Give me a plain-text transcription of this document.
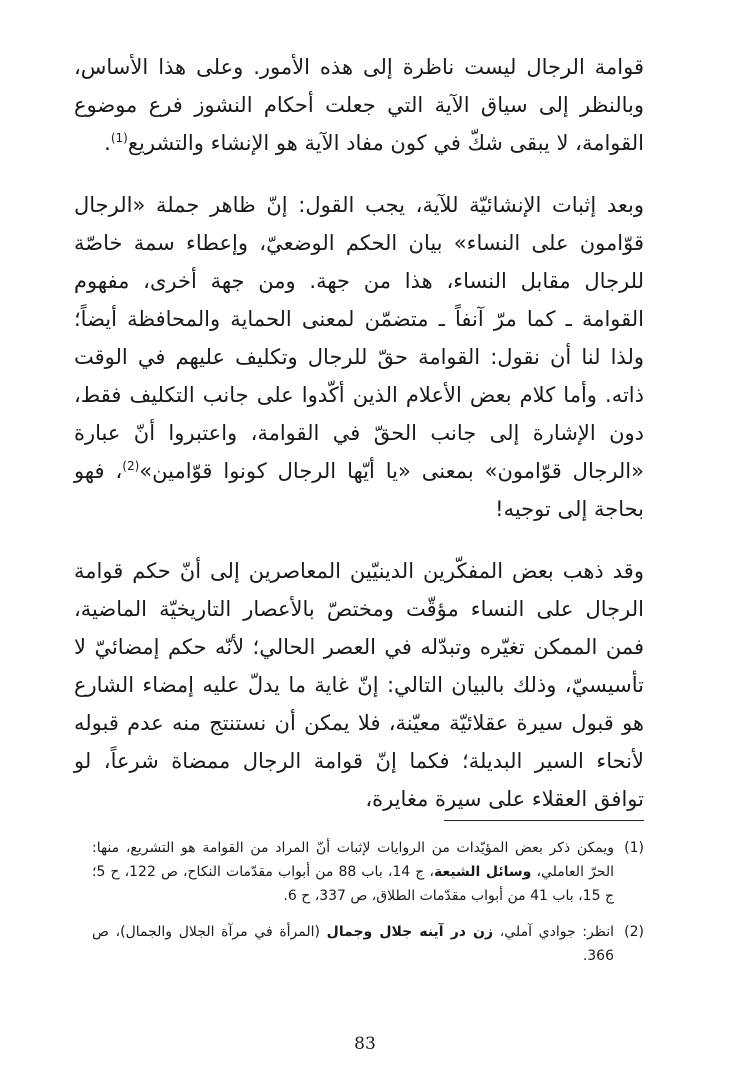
قوامة الرجال ليست ناظرة إلى هذه الأمور. وعلى هذا الأساس، وبالنظر إلى سياق الآية التي جعلت أحكام النشوز فرع موضوع القوامة، لا يبقى شكّ في كون مفاد الآية هو الإنشاء والتشريع$^{(1)}$.

وبعد إثبات الإنشائيّة للآية، يجب القول: إنّ ظاهر جملة «الرجال قوّامون على النساء» بيان الحكم الوضعيّ، وإعطاء سمة خاصّة للرجال مقابل النساء، هذا من جهة. ومن جهة أخرى، مفهوم القوامة ـ كما مرّ آنفاً ـ متضمّن لمعنى الحماية والمحافظة أيضاً؛ ولذا لنا أن نقول: القوامة حقّ للرجال وتكليف عليهم في الوقت ذاته. وأما كلام بعض الأعلام الذين أكّدوا على جانب التكليف فقط، دون الإشارة إلى جانب الحقّ في القوامة، واعتبروا أنّ عبارة «الرجال قوّامون» بمعنى «يا أيّها الرجال كونوا قوّامين»$^{(2)}$، فهو بحاجة إلى توجيه!

وقد ذهب بعض المفكّرين الدينيّين المعاصرين إلى أنّ حكم قوامة الرجال على النساء مؤقّت ومختصّ بالأعصار التاريخيّة الماضية، فمن الممكن تغيّره وتبدّله في العصر الحالي؛ لأنّه حكم إمضائيّ لا تأسيسيّ، وذلك بالبيان التالي: إنّ غاية ما يدلّ عليه إمضاء الشارع هو قبول سيرة عقلائيّة معيّنة، فلا يمكن أن نستنتج منه عدم قبوله لأنحاء السير البديلة؛ فكما إنّ قوامة الرجال ممضاة شرعاً، لو توافق العقلاء على سيرة مغايرة،

(1)
ويمكن ذكر بعض المؤيّدات من الروايات لإثبات أنّ المراد من القوامة هو التشريع، منها: الحرّ العاملي، وسائل الشيعة، ج 14، باب 88 من أبواب مقدّمات النكاح، ص 122، ح 5؛ ج 15، باب 41 من أبواب مقدّمات الطلاق، ص 337، ح 6.
(2)
انظر: جوادي آملي، زن در آينه جلال وجمال (المرأة في مرآة الجلال والجمال)، ص 366.
83
